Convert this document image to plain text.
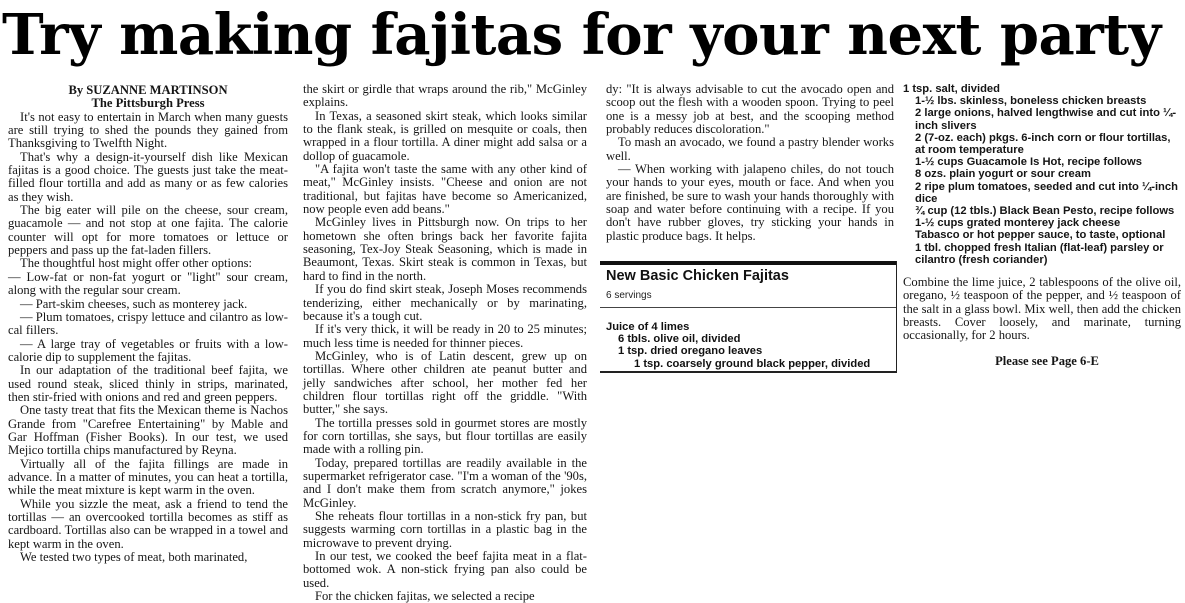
Try making fajitas for your next party
By SUZANNE MARTINSON
The Pittsburgh Press

It's not easy to entertain in March when many guests are still trying to shed the pounds they gained from Thanksgiving to Twelfth Night.

That's why a design-it-yourself dish like Mexican fajitas is a good choice. The guests just take the meat-filled flour tortilla and add as many or as few calories as they wish.

The big eater will pile on the cheese, sour cream, guacamole — and not stop at one fajita. The calorie counter will opt for more tomatoes or lettuce or peppers and pass up the fat-laden fillers.

The thoughtful host might offer other options:

— Low-fat or non-fat yogurt or "light" sour cream, along with the regular sour cream.

— Part-skim cheeses, such as monterey jack.

— Plum tomatoes, crispy lettuce and cilantro as low-cal fillers.

— A large tray of vegetables or fruits with a low-calorie dip to supplement the fajitas.

In our adaptation of the traditional beef fajita, we used round steak, sliced thinly in strips, marinated, then stir-fried with onions and red and green peppers.

One tasty treat that fits the Mexican theme is Nachos Grande from "Carefree Entertaining" by Mable and Gar Hoffman (Fisher Books). In our test, we used Mejico tortilla chips manufactured by Reyna.

Virtually all of the fajita fillings are made in advance. In a matter of minutes, you can heat a tortilla, while the meat mixture is kept warm in the oven.

While you sizzle the meat, ask a friend to tend the tortillas — an overcooked tortilla becomes as stiff as cardboard. Tortillas also can be wrapped in a towel and kept warm in the oven.

We tested two types of meat, both marinated,

the skirt or girdle that wraps around the rib," McGinley explains.

In Texas, a seasoned skirt steak, which looks similar to the flank steak, is grilled on mesquite or coals, then wrapped in a flour tortilla. A diner might add salsa or a dollop of guacamole.

"A fajita won't taste the same with any other kind of meat," McGinley insists. "Cheese and onion are not traditional, but fajitas have become so Americanized, now people even add beans."

McGinley lives in Pittsburgh now. On trips to her hometown she often brings back her favorite fajita seasoning, Tex-Joy Steak Seasoning, which is made in Beaumont, Texas. Skirt steak is common in Texas, but hard to find in the north.

If you do find skirt steak, Joseph Moses recommends tenderizing, either mechanically or by marinating, because it's a tough cut.

If it's very thick, it will be ready in 20 to 25 minutes; much less time is needed for thinner pieces.

McGinley, who is of Latin descent, grew up on tortillas. Where other children ate peanut butter and jelly sandwiches after school, her mother fed her children flour tortillas right off the griddle. "With butter," she says.

The tortilla presses sold in gourmet stores are mostly for corn tortillas, she says, but flour tortillas are easily made with a rolling pin.

Today, prepared tortillas are readily available in the supermarket refrigerator case. "I'm a woman of the '90s, and I don't make them from scratch anymore," jokes McGinley.

She reheats flour tortillas in a non-stick fry pan, but suggests warming corn tortillas in a plastic bag in the microwave to prevent drying.

In our test, we cooked the beef fajita meat in a flat-bottomed wok. A non-stick frying pan also could be used.

For the chicken fajitas, we selected a recipe

dy: "It is always advisable to cut the avocado open and scoop out the flesh with a wooden spoon. Trying to peel one is a messy job at best, and the scooping method probably reduces discoloration."

To mash an avocado, we found a pastry blender works well.

— When working with jalapeno chiles, do not touch your hands to your eyes, mouth or face. And when you are finished, be sure to wash your hands thoroughly with soap and water before continuing with a recipe. If you don't have rubber gloves, try sticking your hands in plastic produce bags. It helps.

New Basic Chicken Fajitas
6 servings
Juice of 4 limes
6 tbls. olive oil, divided
1 tsp. dried oregano leaves
1 tsp. coarsely ground black pepper, divided
1 tsp. salt, divided
1-½ lbs. skinless, boneless chicken breasts
2 large onions, halved lengthwise and cut into ¼-inch slivers
2 (7-oz. each) pkgs. 6-inch corn or flour tortillas, at room temperature
1-½ cups Guacamole Is Hot, recipe follows
8 ozs. plain yogurt or sour cream
2 ripe plum tomatoes, seeded and cut into ¼-inch dice
¾ cup (12 tbls.) Black Bean Pesto, recipe follows
1-½ cups grated monterey jack cheese
Tabasco or hot pepper sauce, to taste, optional
1 tbl. chopped fresh Italian (flat-leaf) parsley or cilantro (fresh coriander)
Combine the lime juice, 2 tablespoons of the olive oil, oregano, ½ teaspoon of the pepper, and ½ teaspoon of the salt in a glass bowl. Mix well, then add the chicken breasts. Cover loosely, and marinate, turning occasionally, for 2 hours.
Please see Page 6-E
